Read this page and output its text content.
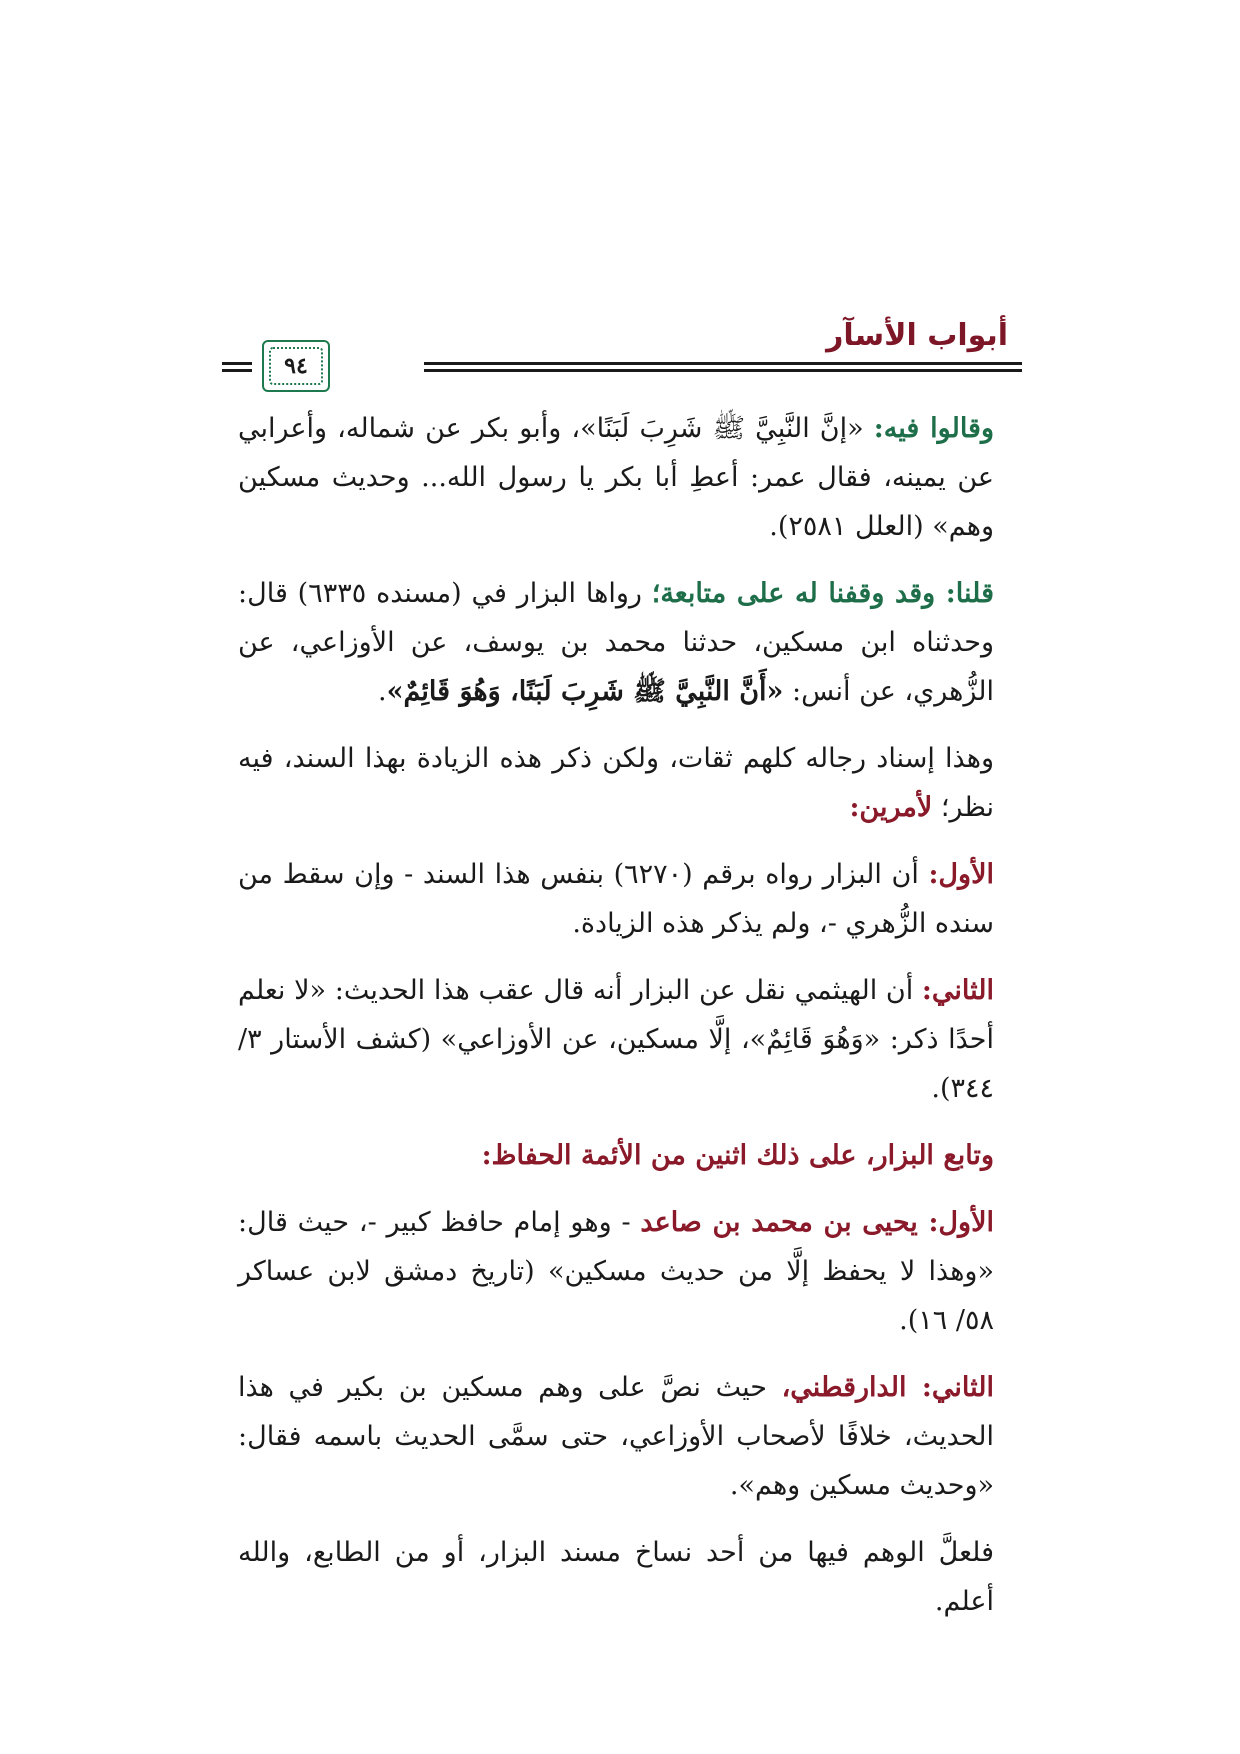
أبواب الأسآر
٩٤

وقالوا فيه: «إنَّ النَّبِيَّ ﷺ شَرِبَ لَبَنًا»، وأبو بكر عن شماله، وأعرابي عن يمينه، فقال عمر: أعطِ أبا بكر يا رسول الله... وحديث مسكين وهم» (العلل ٢٥٨١).

قلنا: وقد وقفنا له على متابعة؛ رواها البزار في (مسنده ٦٣٣٥) قال: وحدثناه ابن مسكين، حدثنا محمد بن يوسف، عن الأوزاعي، عن الزُّهري، عن أنس: «أَنَّ النَّبِيَّ ﷺ شَرِبَ لَبَنًا، وَهُوَ قَائِمٌ».

وهذا إسناد رجاله كلهم ثقات، ولكن ذكر هذه الزيادة بهذا السند، فيه نظر؛ لأمرين:

الأول: أن البزار رواه برقم (٦٢٧٠) بنفس هذا السند - وإن سقط من سنده الزُّهري -، ولم يذكر هذه الزيادة.

الثاني: أن الهيثمي نقل عن البزار أنه قال عقب هذا الحديث: «لا نعلم أحدًا ذكر: «وَهُوَ قَائِمٌ»، إلَّا مسكين، عن الأوزاعي» (كشف الأستار ٣/ ٣٤٤).

وتابع البزار، على ذلك اثنين من الأئمة الحفاظ:

الأول: يحيى بن محمد بن صاعد - وهو إمام حافظ كبير -، حيث قال: «وهذا لا يحفظ إلَّا من حديث مسكين» (تاريخ دمشق لابن عساكر ٥٨/ ١٦).

الثاني: الدارقطني، حيث نصَّ على وهم مسكين بن بكير في هذا الحديث، خلافًا لأصحاب الأوزاعي، حتى سمَّى الحديث باسمه فقال: «وحديث مسكين وهم».

فلعلَّ الوهم فيها من أحد نساخ مسند البزار، أو من الطابع، والله أعلم.
